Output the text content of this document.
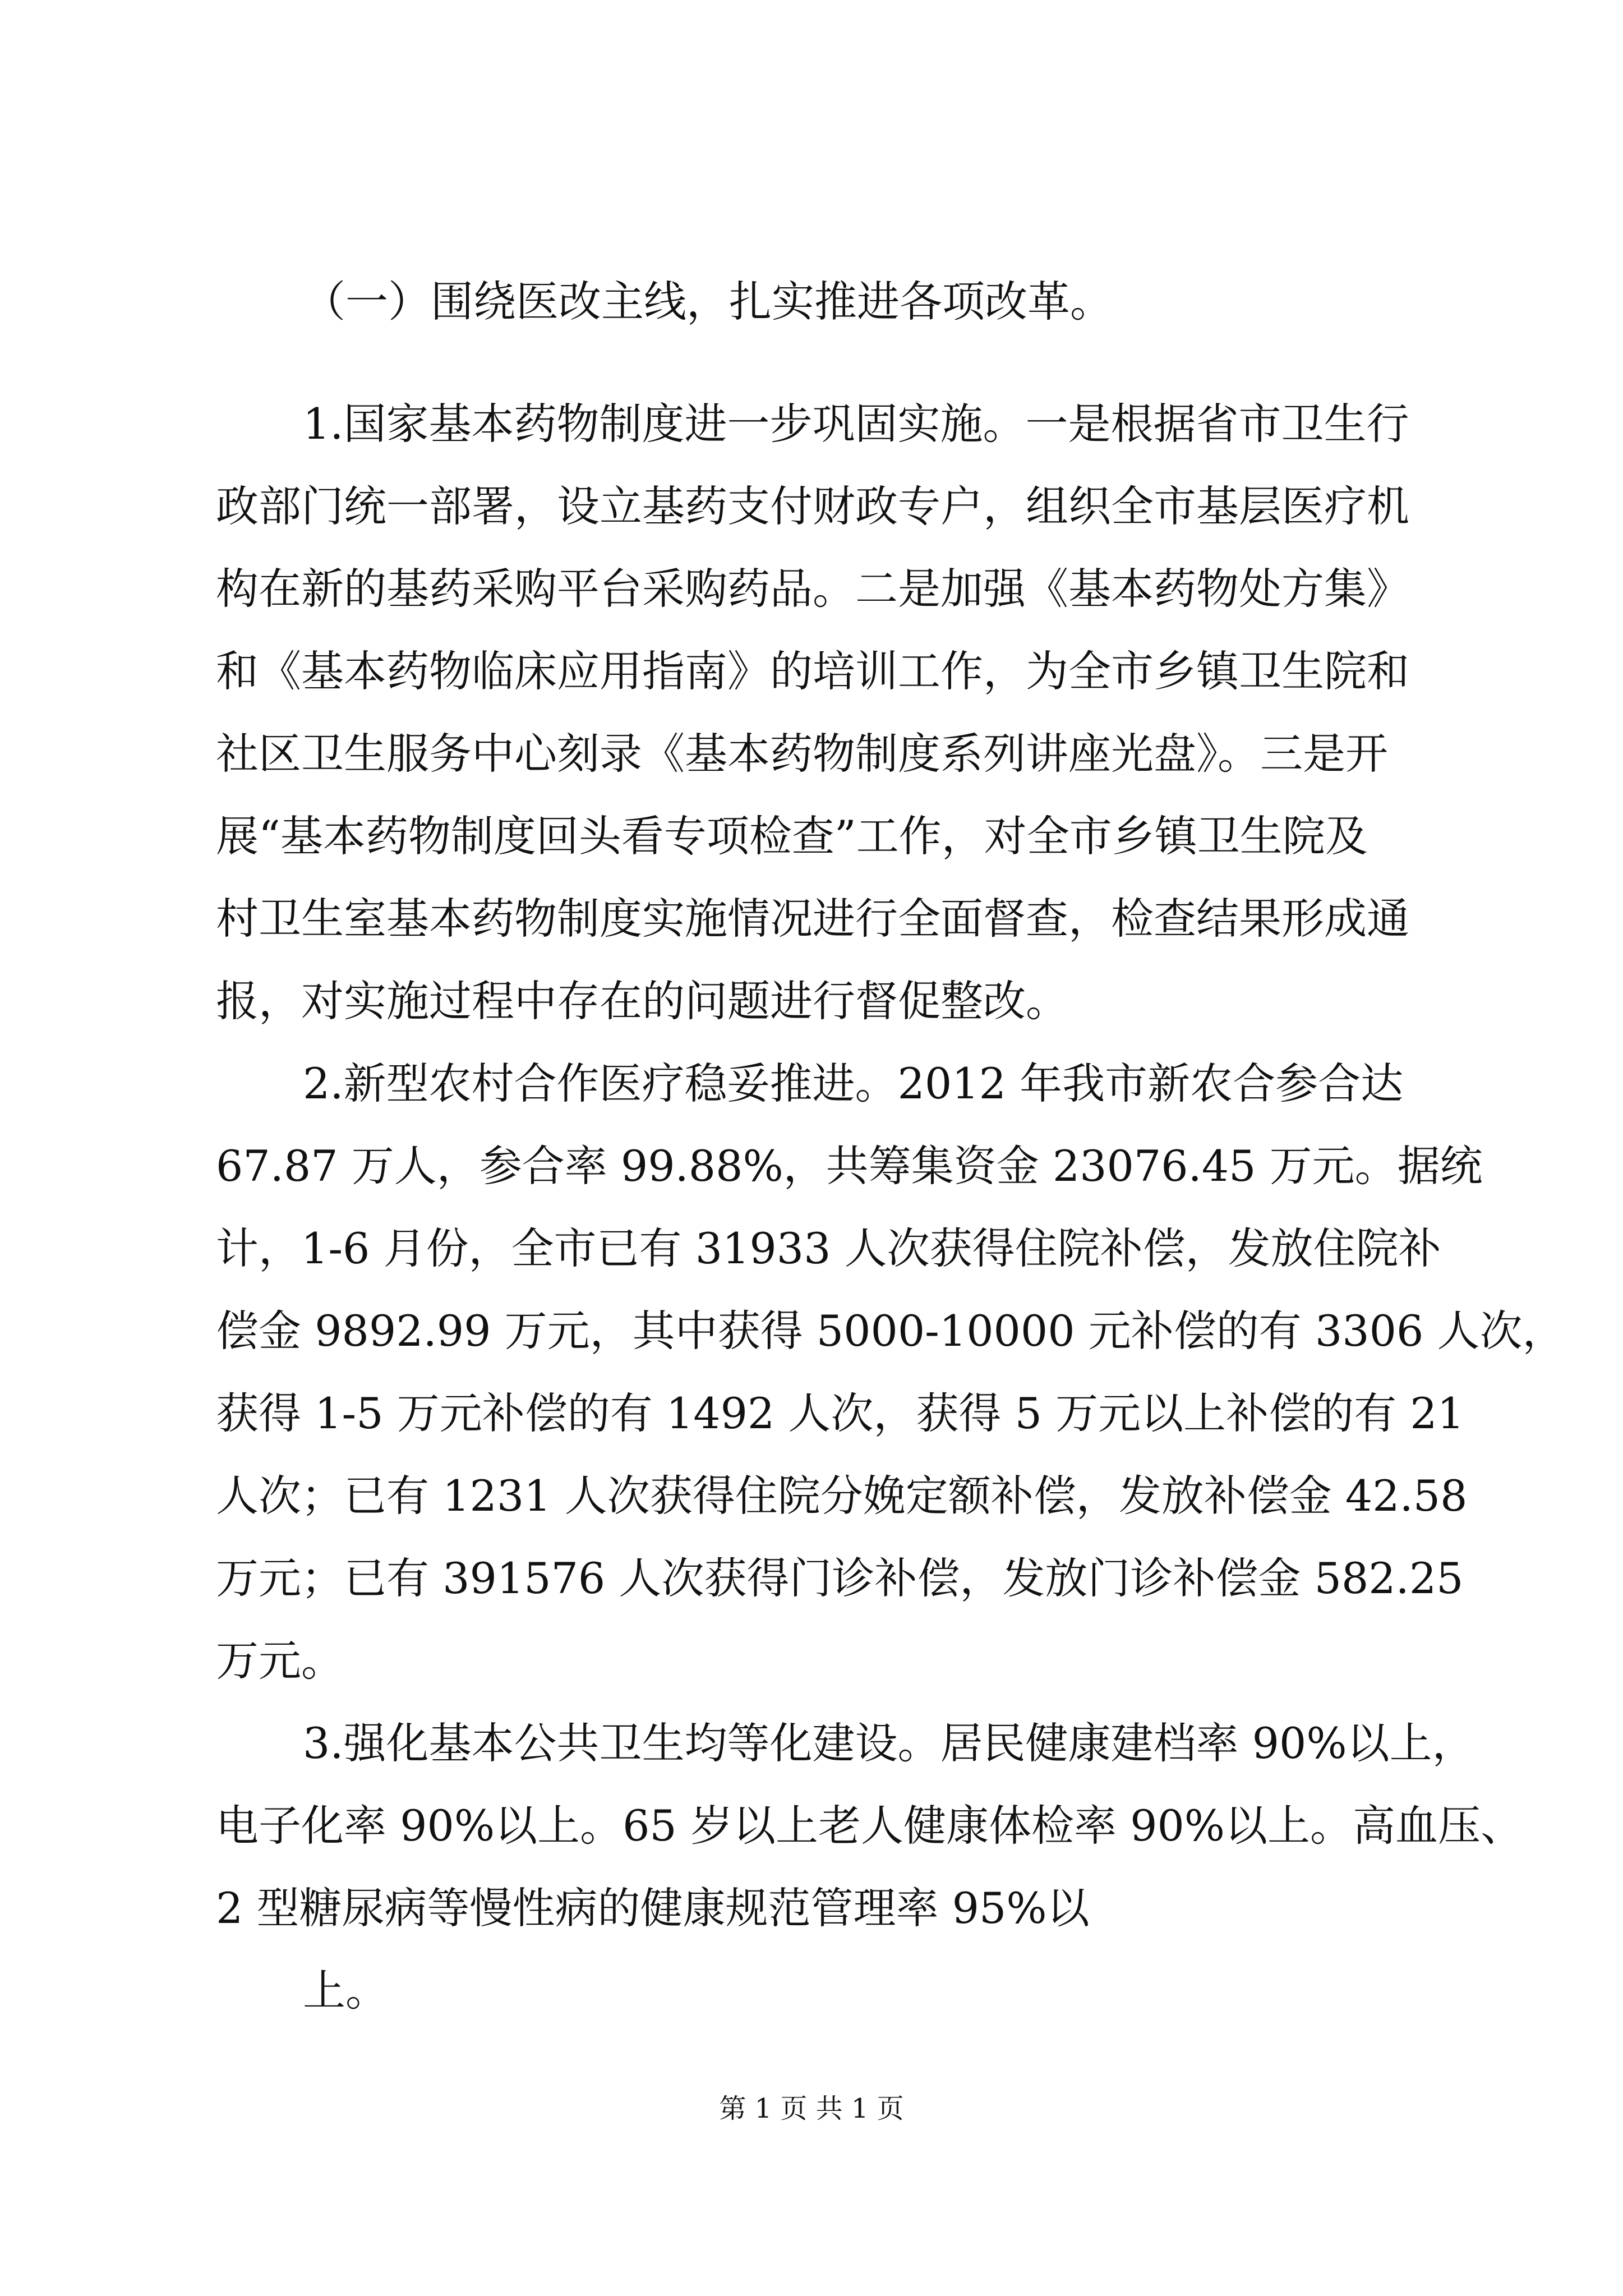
（一）围绕医改主线，扎实推进各项改革。

1.国家基本药物制度进一步巩固实施。一是根据省市卫生行

政部门统一部署，设立基药支付财政专户，组织全市基层医疗机

构在新的基药采购平台采购药品。二是加强《基本药物处方集》

和《基本药物临床应用指南》的培训工作，为全市乡镇卫生院和

社区卫生服务中心刻录《基本药物制度系列讲座光盘》。三是开

展“基本药物制度回头看专项检查”工作，对全市乡镇卫生院及

村卫生室基本药物制度实施情况进行全面督查，检查结果形成通

报，对实施过程中存在的问题进行督促整改。

2.新型农村合作医疗稳妥推进。2012 年我市新农合参合达

67.87 万人，参合率 99.88%，共筹集资金 23076.45 万元。据统

计，1-6 月份，全市已有 31933 人次获得住院补偿，发放住院补

偿金 9892.99 万元，其中获得 5000-10000 元补偿的有 3306 人次，

获得 1-5 万元补偿的有 1492 人次，获得 5 万元以上补偿的有 21

人次；已有 1231 人次获得住院分娩定额补偿，发放补偿金 42.58

万元；已有 391576 人次获得门诊补偿，发放门诊补偿金 582.25

万元。

3.强化基本公共卫生均等化建设。居民健康建档率 90%以上，

电子化率 90%以上。65 岁以上老人健康体检率 90%以上。高血压、

2 型糖尿病等慢性病的健康规范管理率 95%以

上。

第 1 页 共 1 页
